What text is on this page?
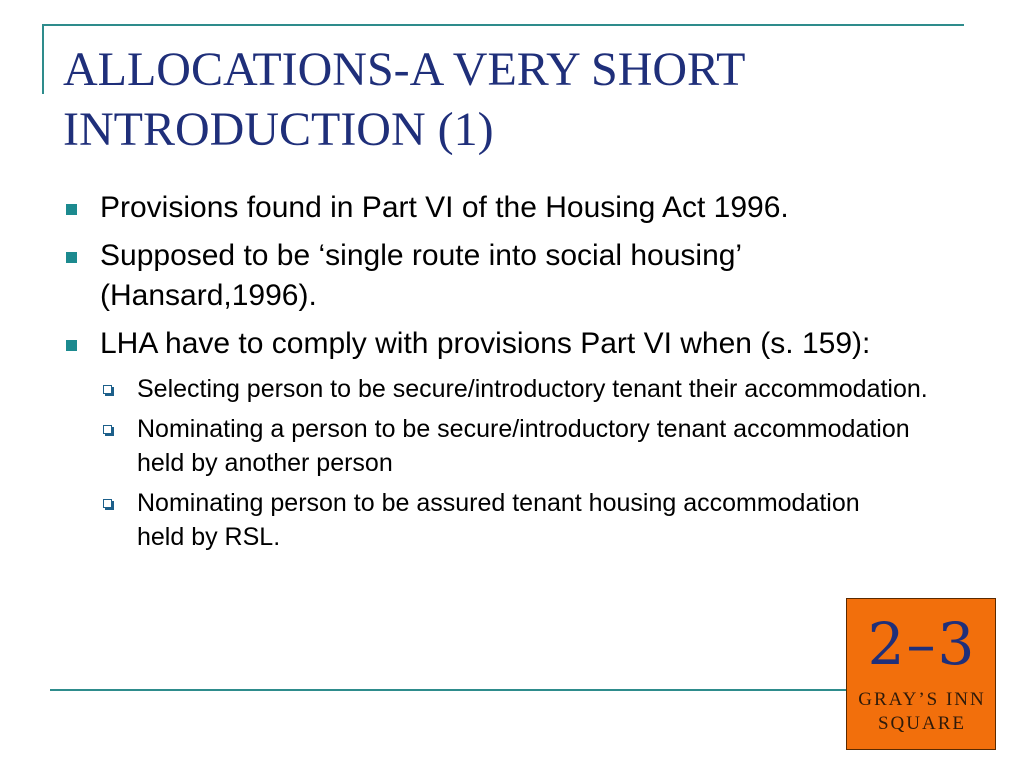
ALLOCATIONS-A VERY SHORT INTRODUCTION (1)
Provisions found in Part VI of the Housing Act 1996.
Supposed to be ‘single route into social housing’ (Hansard,1996).
LHA have to comply with provisions Part VI when (s. 159):
Selecting person to be secure/introductory tenant their accommodation.
Nominating a person to be secure/introductory tenant accommodation held by another person
Nominating person to be assured tenant housing accommodation held by RSL.
2–3
GRAY’S INN
SQUARE
